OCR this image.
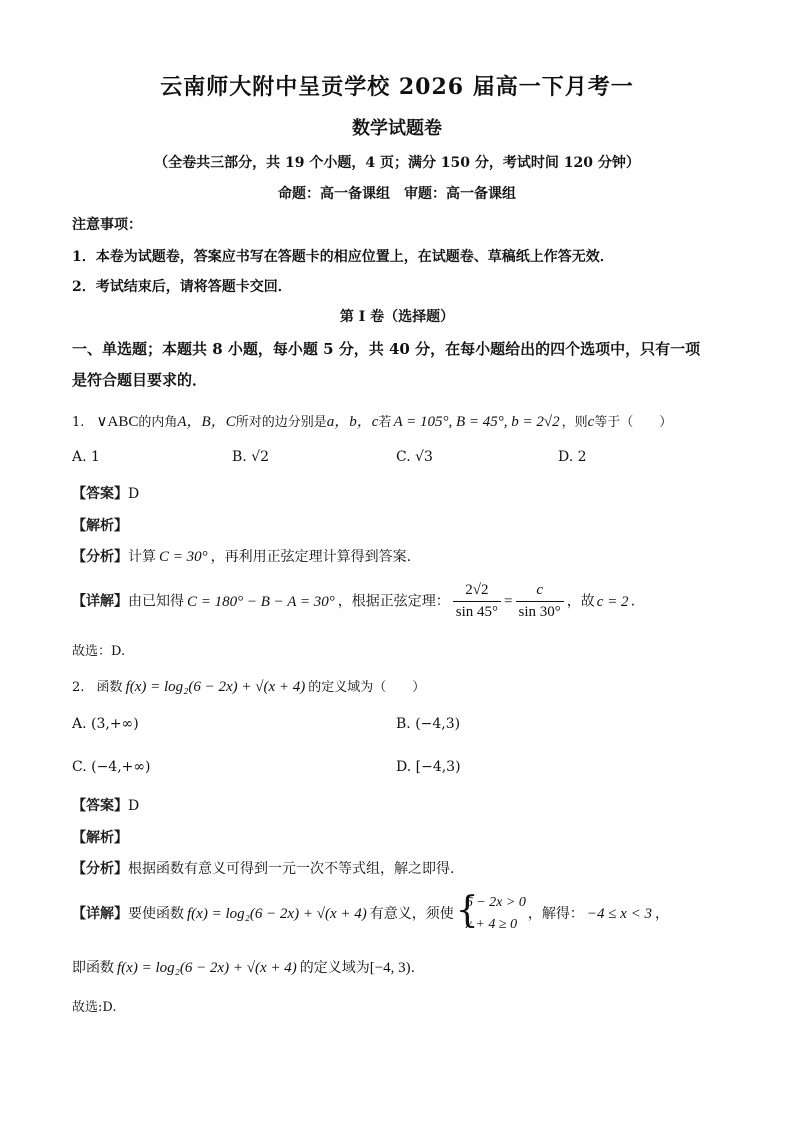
云南师大附中呈贡学校 2026 届高一下月考一
数学试题卷
（全卷共三部分，共 19 个小题，4 页；满分 150 分，考试时间 120 分钟）
命题：高一备课组　审题：高一备课组
注意事项：
1．本卷为试题卷，答案应书写在答题卡的相应位置上，在试题卷、草稿纸上作答无效．
2．考试结束后，请将答题卡交回．
第 I 卷（选择题）
一、单选题；本题共 8 小题，每小题 5 分，共 40 分，在每小题给出的四个选项中，只有一项
是符合题目要求的．
1. ∨ABC的内角A，B，C所对的边分别是a，b，c若 A = 105°, B = 45°, b = 2√2 ，则c等于（　　）
A. 1	B. √2	C. √3	D. 2
【答案】D
【解析】
【分析】计算 C = 30° ，再利用正弦定理计算得到答案.
【详解】由已知得 C = 180° − B − A = 30° ，根据正弦定理： $\frac{2√2}{\sin 45^\circ} = \frac{c}{\sin 30^\circ}$ ，故 c = 2 .
故选：D.
2. 函数 f(x) = log₂(6 − 2x) + √(x + 4) 的定义域为（　　）
A. (3,+∞)	B. (−4,3)
C. (−4,+∞)	D. [−4,3)
【答案】D
【解析】
【分析】根据函数有意义可得到一元一次不等式组，解之即得.
【详解】要使函数 f(x) = log₂(6 − 2x) + √(x + 4) 有意义，须使 {
6 − 2x > 0
x + 4 ≥ 0
，解得： −4 ≤ x < 3 ，
即函数 f(x) = log₂(6 − 2x) + √(x + 4) 的定义域为[−4, 3).
故选:D.
